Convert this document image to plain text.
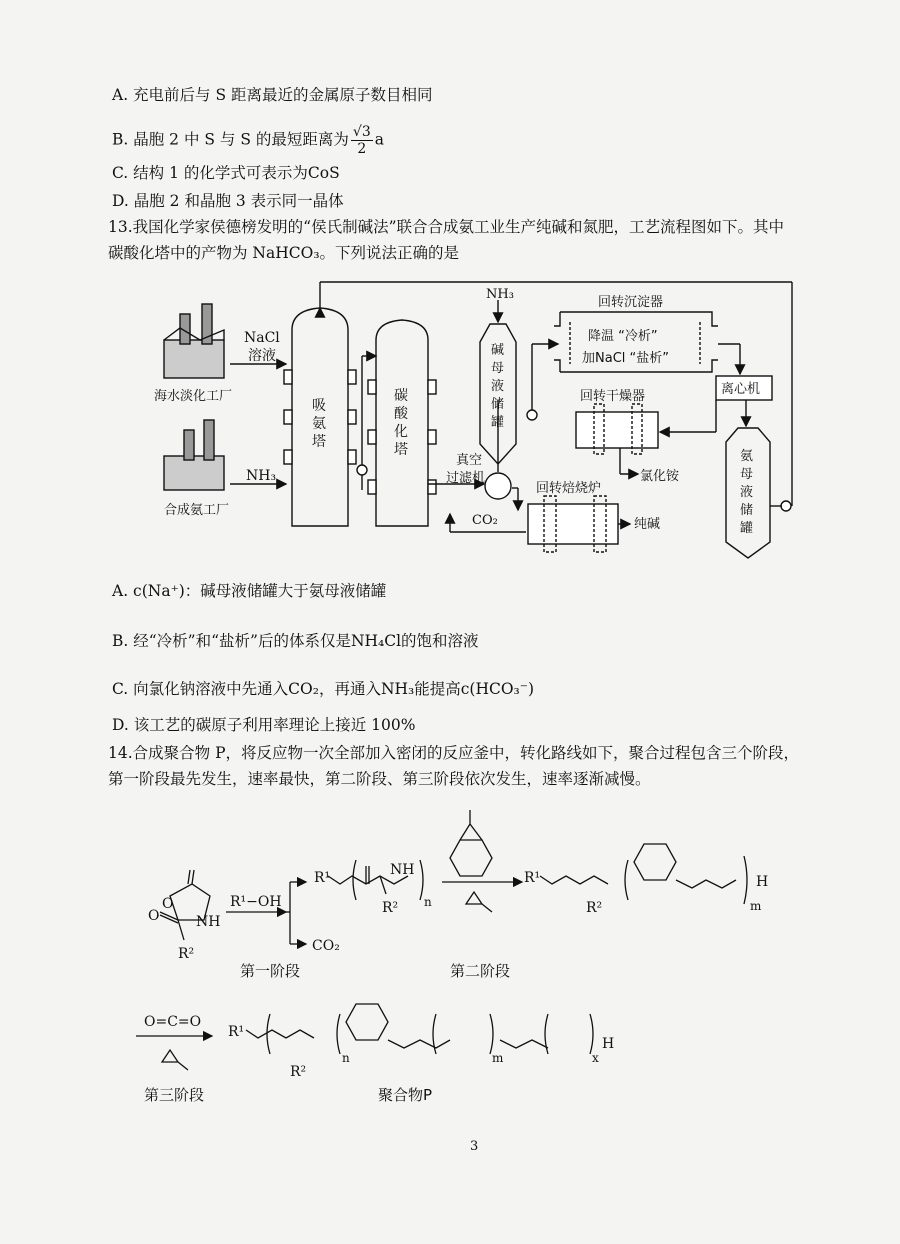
A. 充电前后与 S 距离最近的金属原子数目相同
B. 晶胞 2 中 S 与 S 的最短距离为 $\frac{√3}{2}$ a
C. 结构 1 的化学式可表示为CoS
D. 晶胞 2 和晶胞 3 表示同一晶体
13.我国化学家侯德榜发明的“侯氏制碱法”联合合成氨工业生产纯碱和氮肥，工艺流程图如下。其中
碳酸化塔中的产物为 NaHCO₃。下列说法正确的是
NaCl
溶液
海水淡化工厂
NH₃
合成氨工厂
吸
氨
塔
碳
酸
化
塔
NH₃
碱
母
液
储
罐
真空
过滤机
CO₂
回转沉淀器
降温 “冷析”
加NaCl “盐析”
离心机
回转干燥器
氯化铵
回转焙烧炉
纯碱
氨
母
液
储
罐
A. c(Na⁺)：碱母液储罐大于氨母液储罐
B. 经“冷析”和“盐析”后的体系仅是NH₄Cl的饱和溶液
C. 向氯化钠溶液中先通入CO₂，再通入NH₃能提高c(HCO₃⁻)
D. 该工艺的碳原子利用率理论上接近 100%
14.合成聚合物 P，将反应物一次全部加入密闭的反应釜中，转化路线如下，聚合过程包含三个阶段，
第一阶段最先发生，速率最快，第二阶段、第三阶段依次发生，速率逐渐减慢。
O
NH
O
R²
R¹−OH
CO₂
第一阶段
R¹	NH
R² n
第二阶段
R¹
R²	m
H
O=C=O
第三阶段
R¹
R²
n	m	x
H
聚合物P
3
